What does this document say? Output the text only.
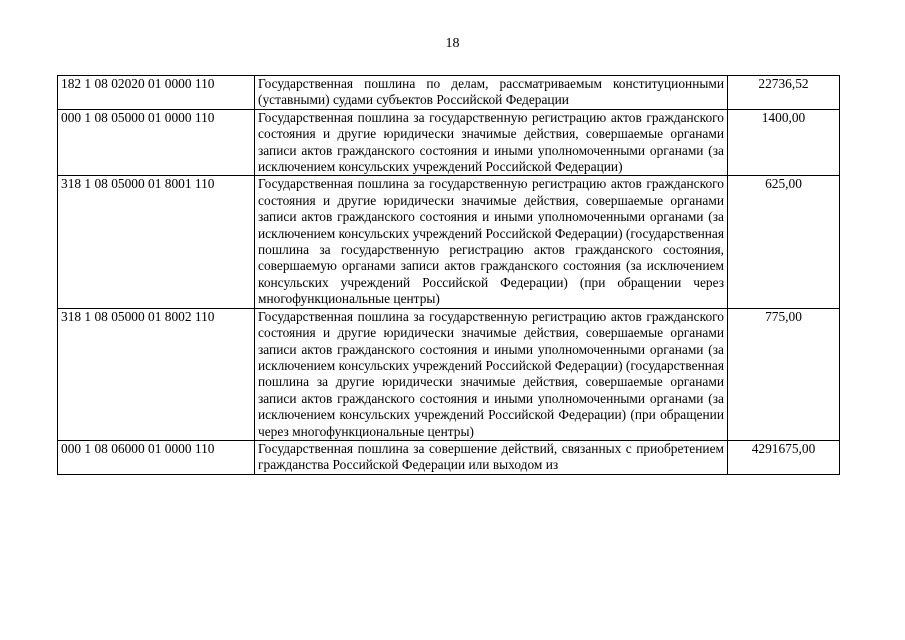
18
182 1 08 02020 01 0000 110	Государственная пошлина по делам, рассматриваемым конституционными (уставными) судами субъектов Российской Федерации	22736,52
000 1 08 05000 01 0000 110	Государственная пошлина за государственную регистрацию актов гражданского состояния и другие юридически значимые действия, совершаемые органами записи актов гражданского состояния и иными уполномоченными органами (за исключением консульских учреждений Российской Федерации)	1400,00
318 1 08 05000 01 8001 110	Государственная пошлина за государственную регистрацию актов гражданского состояния и другие юридически значимые действия, совершаемые органами записи актов гражданского состояния и иными уполномоченными органами (за исключением консульских учреждений Российской Федерации) (государственная пошлина за государственную регистрацию актов гражданского состояния, совершаемую органами записи актов гражданского состояния (за исключением консульских учреждений Российской Федерации) (при обращении через многофункциональные центры)	625,00
318 1 08 05000 01 8002 110	Государственная пошлина за государственную регистрацию актов гражданского состояния и другие юридически значимые действия, совершаемые органами записи актов гражданского состояния и иными уполномоченными органами (за исключением консульских учреждений Российской Федерации) (государственная пошлина за другие юридически значимые действия, совершаемые органами записи актов гражданского состояния и иными уполномоченными органами (за исключением консульских учреждений Российской Федерации) (при обращении через многофункциональные центры)	775,00
000 1 08 06000 01 0000 110	Государственная пошлина за совершение действий, связанных с приобретением гражданства Российской Федерации или выходом из	4291675,00
